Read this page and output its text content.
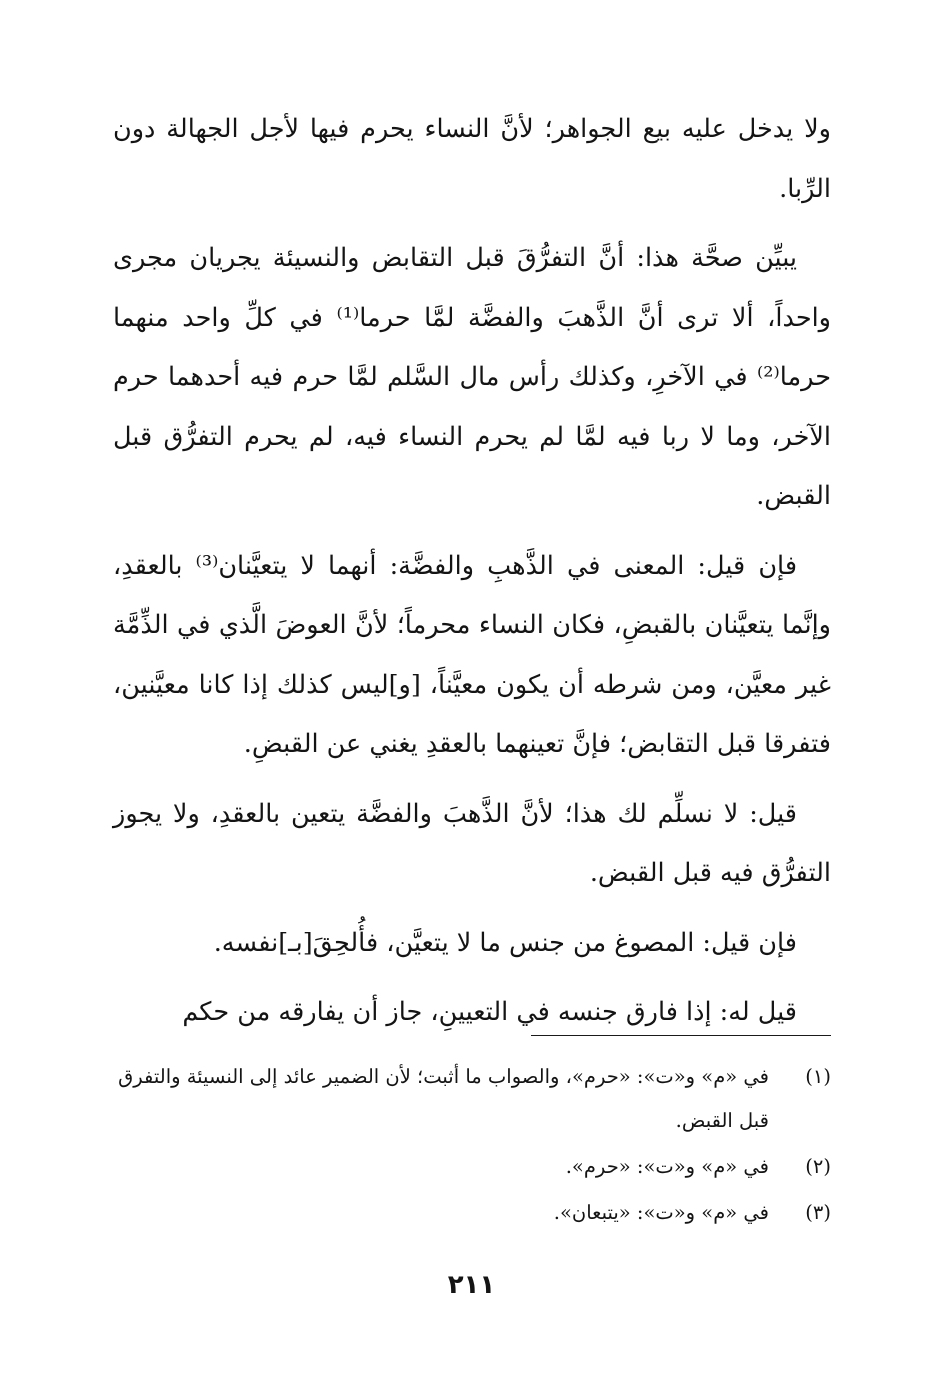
ولا يدخل عليه بيع الجواهر؛ لأنَّ النساء يحرم فيها لأجل الجهالة دون الرِّبا.

يبيِّن صحَّة هذا: أنَّ التفرُّقَ قبل التقابض والنسيئة يجريان مجرى واحداً، ألا ترى أنَّ الذَّهبَ والفضَّة لمَّا حرما⁽¹⁾ في كلِّ واحد منهما حرما⁽²⁾ في الآخرِ، وكذلك رأس مال السَّلم لمَّا حرم فيه أحدهما حرم الآخر، وما لا ربا فيه لمَّا لم يحرم النساء فيه، لم يحرم التفرُّق قبل القبض.

فإن قيل: المعنى في الذَّهبِ والفضَّة: أنهما لا يتعيَّنان⁽³⁾ بالعقدِ، وإنَّما يتعيَّنان بالقبضِ، فكان النساء محرماً؛ لأنَّ العوضَ الَّذي في الذِّمَّة غير معيَّن، ومن شرطه أن يكون معيَّناً، [و]ليس كذلك إذا كانا معيَّنين، فتفرقا قبل التقابض؛ فإنَّ تعينهما بالعقدِ يغني عن القبضِ.

قيل: لا نسلِّم لك هذا؛ لأنَّ الذَّهبَ والفضَّة يتعين بالعقدِ، ولا يجوز التفرُّق فيه قبل القبض.

فإن قيل: المصوغ من جنس ما لا يتعيَّن، فأُلحِقَ[بـ]نفسه.

قيل له: إذا فارق جنسه في التعيينِ، جاز أن يفارقه من حكم

(١)
في «م» و«ت»: «حرم»، والصواب ما أثبت؛ لأن الضمير عائد إلى النسيئة والتفرق قبل القبض.

(٢)
في «م» و«ت»: «حرم».

(٣)
في «م» و«ت»: «يتبعان».

٢١١
